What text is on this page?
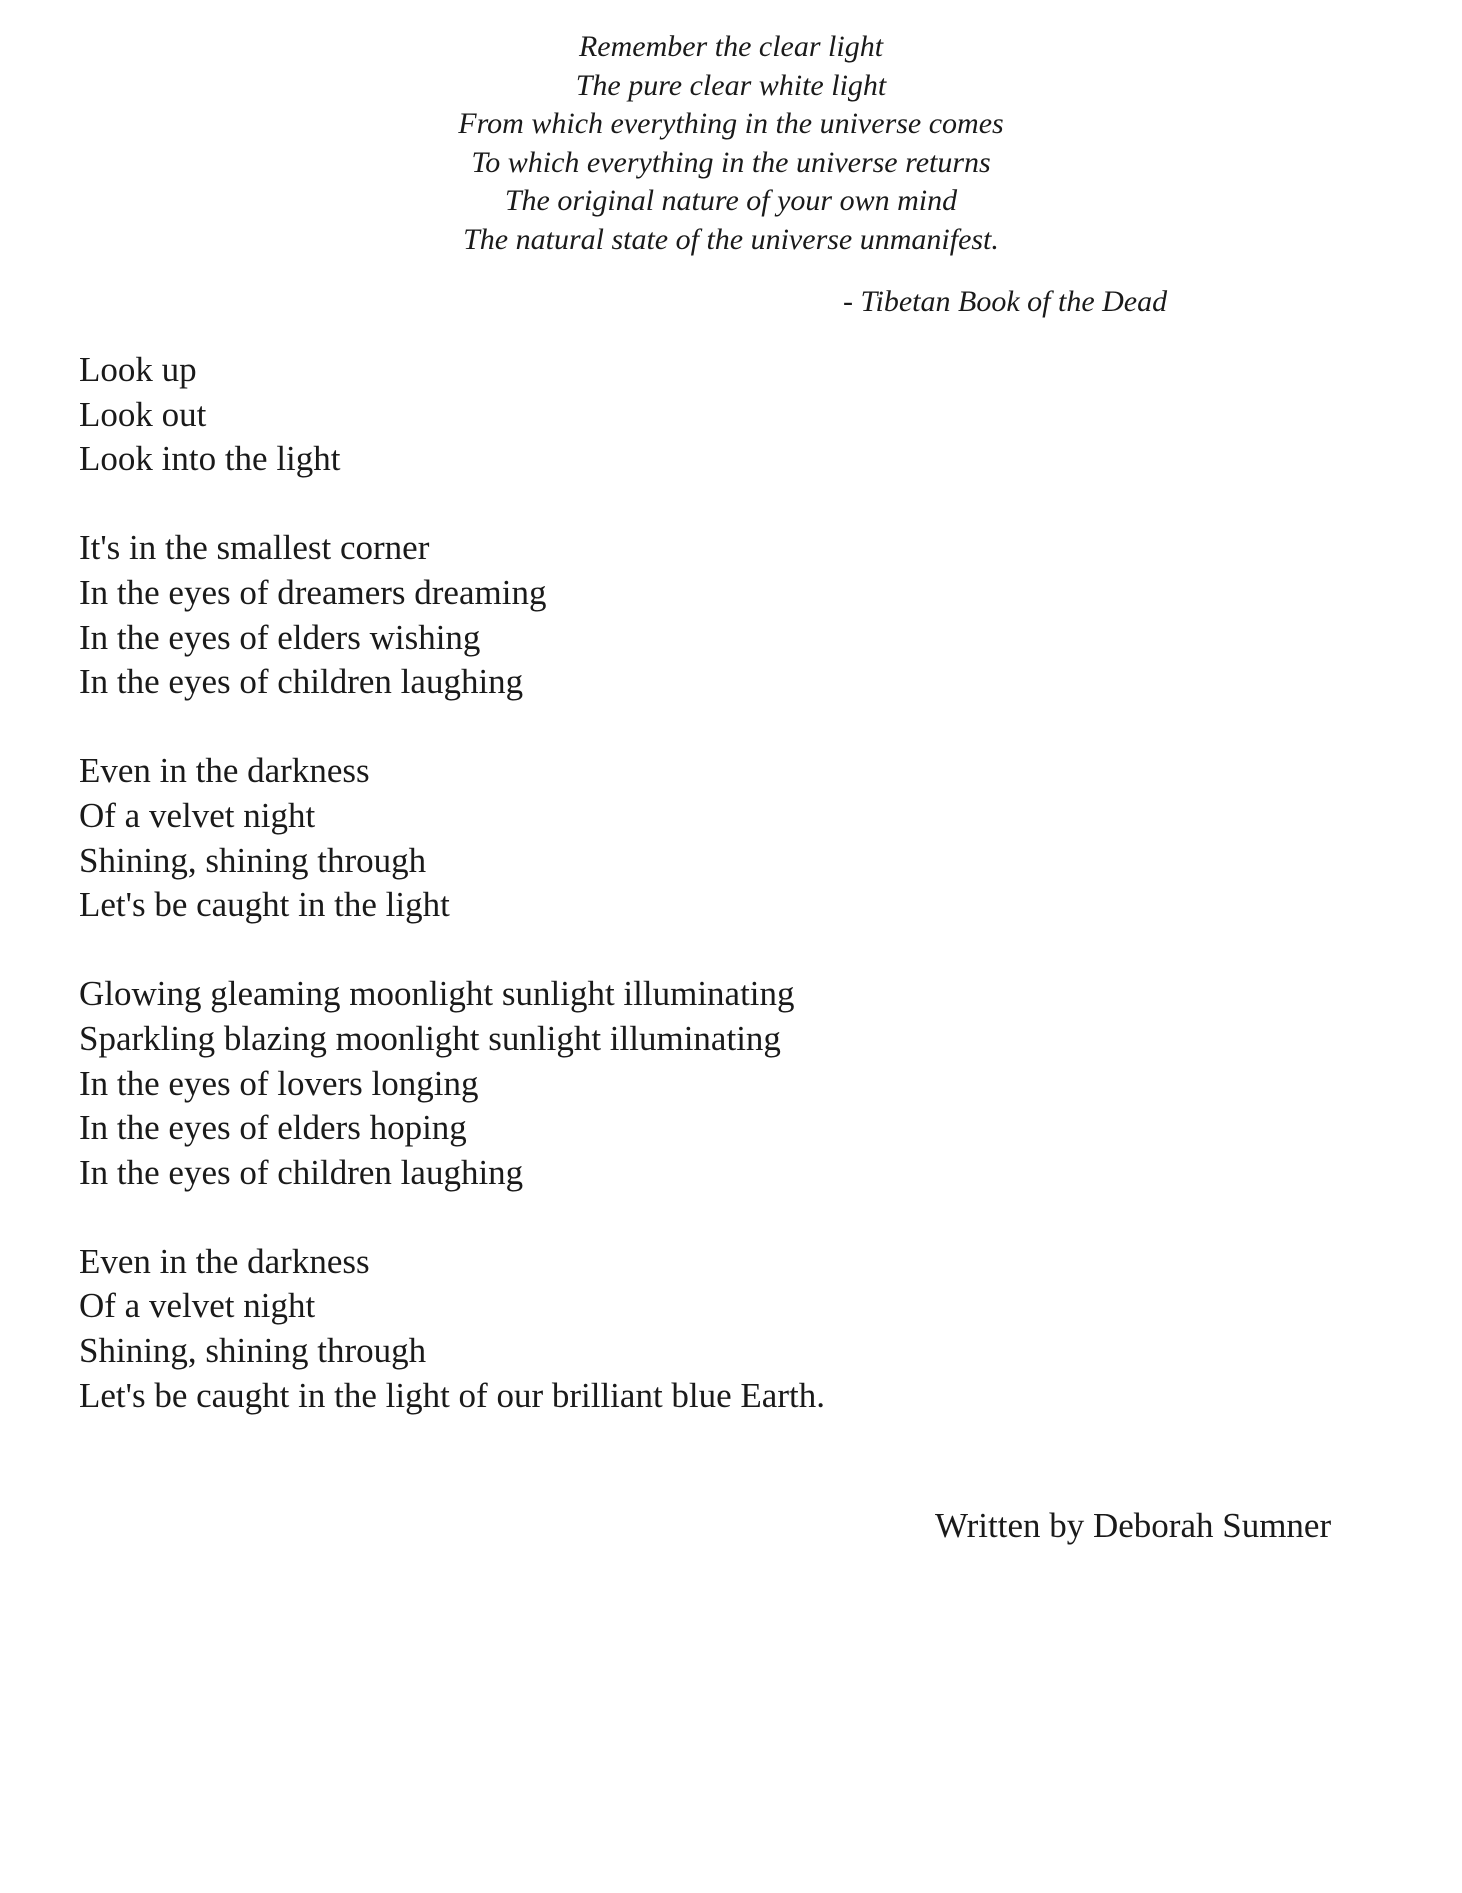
Remember the clear light
The pure clear white light
From which everything in the universe comes
To which everything in the universe returns
The original nature of your own mind
The natural state of the universe unmanifest.
- Tibetan Book of the Dead
Look up
Look out
Look into the light
It's in the smallest corner
In the eyes of dreamers dreaming
In the eyes of elders wishing
In the eyes of children laughing
Even in the darkness
Of a velvet night
Shining, shining through
Let's be caught in the light
Glowing gleaming moonlight sunlight illuminating
Sparkling blazing moonlight sunlight illuminating
In the eyes of lovers longing
In the eyes of elders hoping
In the eyes of children laughing
Even in the darkness
Of a velvet night
Shining, shining through
Let's be caught in the light of our brilliant blue Earth.
Written by Deborah Sumner
